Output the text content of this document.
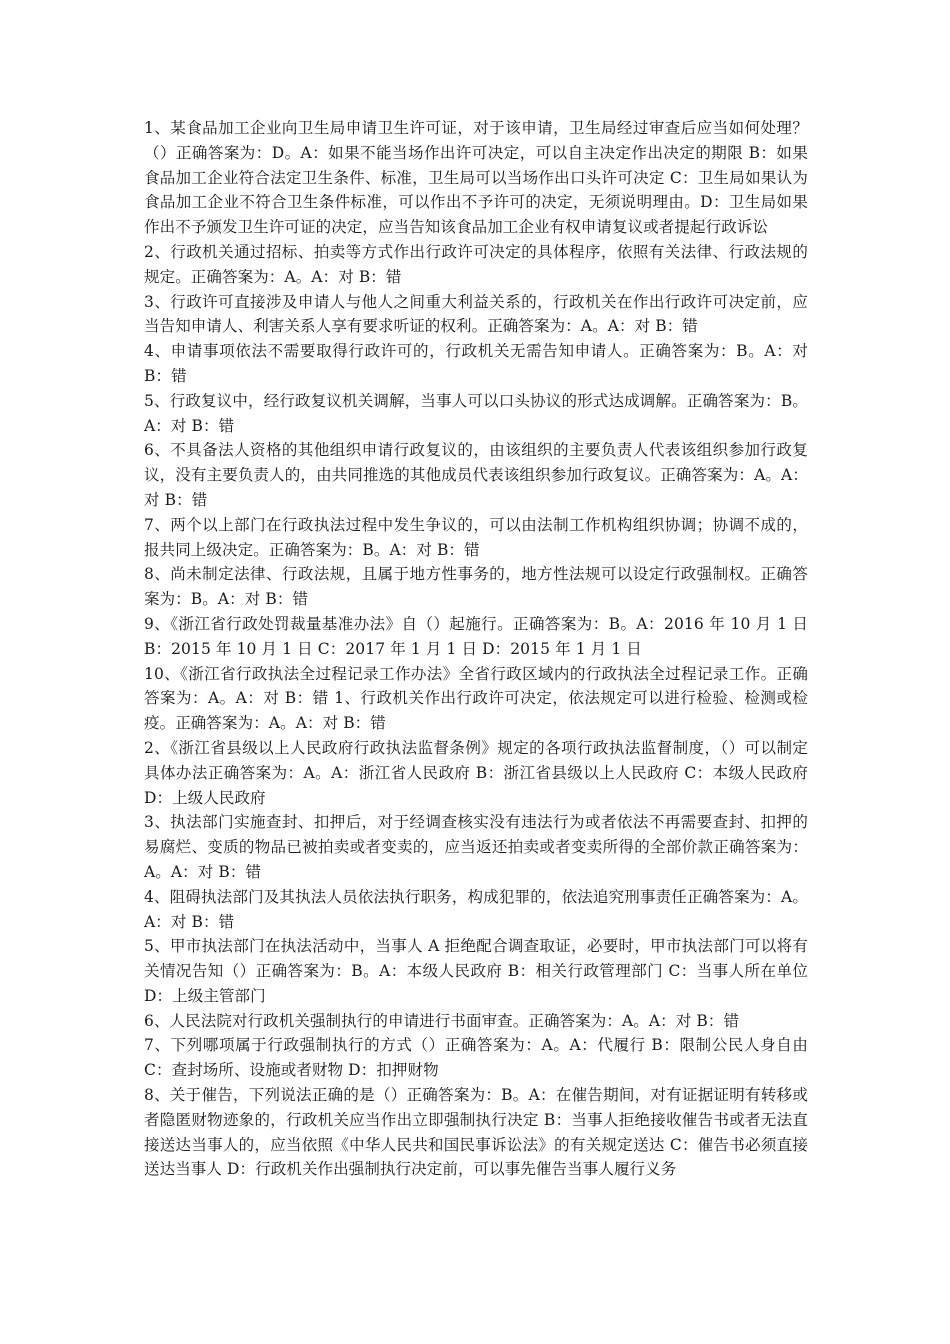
1、某食品加工企业向卫生局申请卫生许可证，对于该申请，卫生局经过审查后应当如何处理？（）正确答案为：D。A：如果不能当场作出许可决定，可以自主决定作出决定的期限 B：如果食品加工企业符合法定卫生条件、标准，卫生局可以当场作出口头许可决定 C：卫生局如果认为食品加工企业不符合卫生条件标准，可以作出不予许可的决定，无须说明理由。D：卫生局如果作出不予颁发卫生许可证的决定，应当告知该食品加工企业有权申请复议或者提起行政诉讼

2、行政机关通过招标、拍卖等方式作出行政许可决定的具体程序，依照有关法律、行政法规的规定。正确答案为：A。A：对 B：错

3、行政许可直接涉及申请人与他人之间重大利益关系的，行政机关在作出行政许可决定前，应当告知申请人、利害关系人享有要求听证的权利。正确答案为：A。A：对 B：错

4、申请事项依法不需要取得行政许可的，行政机关无需告知申请人。正确答案为：B。A：对 B：错

5、行政复议中，经行政复议机关调解，当事人可以口头协议的形式达成调解。正确答案为：B。A：对 B：错

6、不具备法人资格的其他组织申请行政复议的，由该组织的主要负责人代表该组织参加行政复议，没有主要负责人的，由共同推选的其他成员代表该组织参加行政复议。正确答案为：A。A：对 B：错

7、两个以上部门在行政执法过程中发生争议的，可以由法制工作机构组织协调；协调不成的，报共同上级决定。正确答案为：B。A：对 B：错

8、尚未制定法律、行政法规，且属于地方性事务的，地方性法规可以设定行政强制权。正确答案为：B。A：对 B：错

9、《浙江省行政处罚裁量基准办法》自（）起施行。正确答案为：B。A：2016 年 10 月 1 日 B：2015 年 10 月 1 日 C：2017 年 1 月 1 日 D：2015 年 1 月 1 日

10、《浙江省行政执法全过程记录工作办法》全省行政区域内的行政执法全过程记录工作。正确答案为：A。A：对 B：错 1、行政机关作出行政许可决定，依法规定可以进行检验、检测或检疫。正确答案为：A。A：对 B：错

2、《浙江省县级以上人民政府行政执法监督条例》规定的各项行政执法监督制度，（）可以制定具体办法正确答案为：A。A：浙江省人民政府 B：浙江省县级以上人民政府 C：本级人民政府 D：上级人民政府

3、执法部门实施查封、扣押后，对于经调查核实没有违法行为或者依法不再需要查封、扣押的易腐烂、变质的物品已被拍卖或者变卖的，应当返还拍卖或者变卖所得的全部价款正确答案为：A。A：对 B：错

4、阻碍执法部门及其执法人员依法执行职务，构成犯罪的，依法追究刑事责任正确答案为：A。A：对 B：错

5、甲市执法部门在执法活动中，当事人 A 拒绝配合调查取证，必要时，甲市执法部门可以将有关情况告知（）正确答案为：B。A：本级人民政府 B：相关行政管理部门 C：当事人所在单位 D：上级主管部门

6、人民法院对行政机关强制执行的申请进行书面审查。正确答案为：A。A：对 B：错

7、下列哪项属于行政强制执行的方式（）正确答案为：A。A：代履行 B：限制公民人身自由 C：查封场所、设施或者财物 D：扣押财物

8、关于催告，下列说法正确的是（）正确答案为：B。A：在催告期间，对有证据证明有转移或者隐匿财物迹象的，行政机关应当作出立即强制执行决定 B：当事人拒绝接收催告书或者无法直接送达当事人的，应当依照《中华人民共和国民事诉讼法》的有关规定送达 C：催告书必须直接送达当事人 D：行政机关作出强制执行决定前，可以事先催告当事人履行义务
